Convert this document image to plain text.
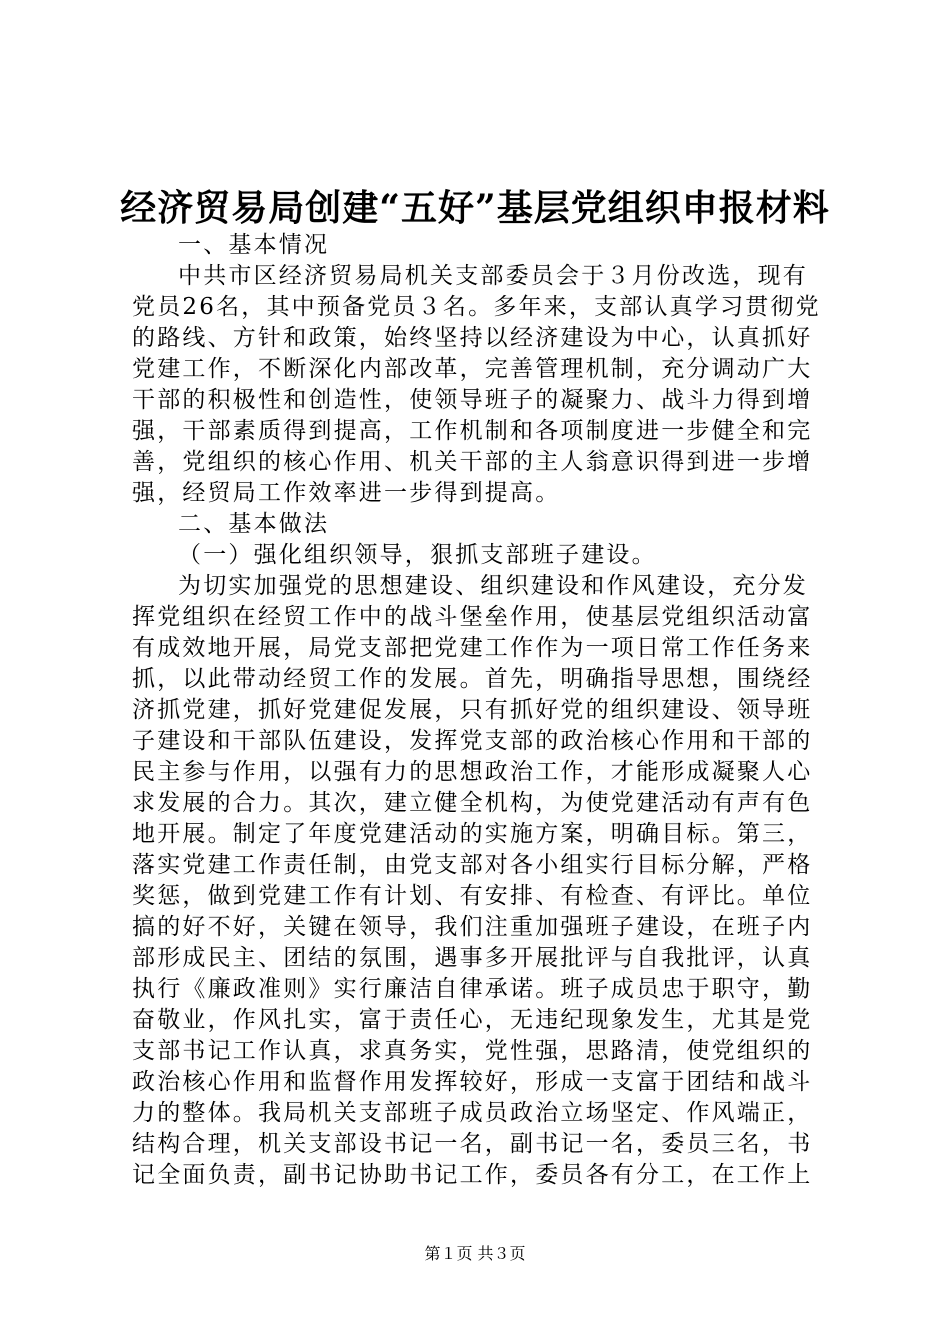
经济贸易局创建“五好”基层党组织申报材料

一、基本情况

中共市区经济贸易局机关支部委员会于３月份改选，现有党员26名，其中预备党员３名。多年来，支部认真学习贯彻党的路线、方针和政策，始终坚持以经济建设为中心，认真抓好党建工作，不断深化内部改革，完善管理机制，充分调动广大干部的积极性和创造性，使领导班子的凝聚力、战斗力得到增强，干部素质得到提高，工作机制和各项制度进一步健全和完善，党组织的核心作用、机关干部的主人翁意识得到进一步增强，经贸局工作效率进一步得到提高。

二、基本做法

（一）强化组织领导，狠抓支部班子建设。

为切实加强党的思想建设、组织建设和作风建设，充分发挥党组织在经贸工作中的战斗堡垒作用，使基层党组织活动富有成效地开展，局党支部把党建工作作为一项日常工作任务来抓，以此带动经贸工作的发展。首先，明确指导思想，围绕经济抓党建，抓好党建促发展，只有抓好党的组织建设、领导班子建设和干部队伍建设，发挥党支部的政治核心作用和干部的民主参与作用，以强有力的思想政治工作，才能形成凝聚人心求发展的合力。其次，建立健全机构，为使党建活动有声有色地开展。制定了年度党建活动的实施方案，明确目标。第三，落实党建工作责任制，由党支部对各小组实行目标分解，严格奖惩，做到党建工作有计划、有安排、有检查、有评比。单位搞的好不好，关键在领导，我们注重加强班子建设，在班子内部形成民主、团结的氛围，遇事多开展批评与自我批评，认真执行《廉政准则》实行廉洁自律承诺。班子成员忠于职守，勤奋敬业，作风扎实，富于责任心，无违纪现象发生，尤其是党支部书记工作认真，求真务实，党性强，思路清，使党组织的政治核心作用和监督作用发挥较好，形成一支富于团结和战斗力的整体。我局机关支部班子成员政治立场坚定、作风端正，结构合理，机关支部设书记一名，副书记一名，委员三名，书记全面负责，副书记协助书记工作，委员各有分工，在工作上

第１页 共３页
